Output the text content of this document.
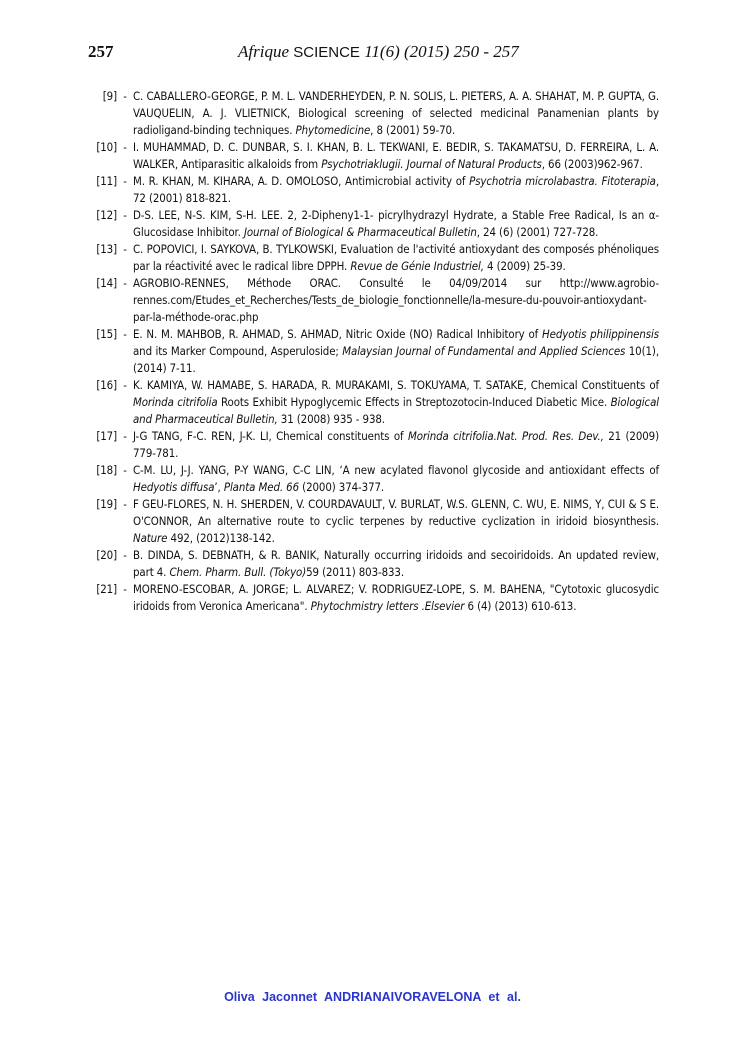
257	Afrique SCIENCE 11(6) (2015) 250 - 257
[9] - C. CABALLERO-GEORGE, P. M. L. VANDERHEYDEN, P. N. SOLIS, L. PIETERS, A. A. SHAHAT, M. P. GUPTA, G. VAUQUELIN, A. J. VLIETNICK, Biological screening of selected medicinal Panamenian plants by radioligand-binding techniques. Phytomedicine, 8 (2001) 59-70.
[10] - I. MUHAMMAD, D. C. DUNBAR, S. I. KHAN, B. L. TEKWANI, E. BEDIR, S. TAKAMATSU, D. FERREIRA, L. A. WALKER, Antiparasitic alkaloids from Psychotriaklugii. Journal of Natural Products, 66 (2003)962-967.
[11] - M. R. KHAN, M. KIHARA, A. D. OMOLOSO, Antimicrobial activity of Psychotria microlabastra. Fitoterapia, 72 (2001) 818-821.
[12] - D-S. LEE, N-S. KIM, S-H. LEE. 2, 2-Dipheny1-1- picrylhydrazyl Hydrate, a Stable Free Radical, Is an α-Glucosidase Inhibitor. Journal of Biological & Pharmaceutical Bulletin, 24 (6) (2001) 727-728.
[13] - C. POPOVICI, I. SAYKOVA, B. TYLKOWSKI, Evaluation de l'activité antioxydant des composés phénoliques par la réactivité avec le radical libre DPPH. Revue de Génie Industriel, 4 (2009) 25-39.
[14] - AGROBIO-RENNES, Méthode ORAC. Consulté le 04/09/2014 sur http://www.agrobio-rennes.com/Etudes_et_Recherches/Tests_de_biologie_fonctionnelle/la-mesure-du-pouvoir-antioxydant-par-la-méthode-orac.php
[15] - E. N. M. MAHBOB, R. AHMAD, S. AHMAD, Nitric Oxide (NO) Radical Inhibitory of Hedyotis philippinensis and its Marker Compound, Asperuloside; Malaysian Journal of Fundamental and Applied Sciences 10(1), (2014) 7-11.
[16] - K. KAMIYA, W. HAMABE, S. HARADA, R. MURAKAMI, S. TOKUYAMA, T. SATAKE, Chemical Constituents of Morinda citrifolia Roots Exhibit Hypoglycemic Effects in Streptozotocin-Induced Diabetic Mice. Biological and Pharmaceutical Bulletin, 31 (2008) 935 - 938.
[17] - J-G TANG, F-C. REN, J-K. LI, Chemical constituents of Morinda citrifolia.Nat. Prod. Res. Dev., 21 (2009) 779-781.
[18] - C-M. LU, J-J. YANG, P-Y WANG, C-C LIN, ‘A new acylated flavonol glycoside and antioxidant effects of Hedyotis diffusa’, Planta Med. 66 (2000) 374-377.
[19] - F GEU-FLORES, N. H. SHERDEN, V. COURDAVAULT, V. BURLAT, W.S. GLENN, C. WU, E. NIMS, Y, CUI & S E. O'CONNOR, An alternative route to cyclic terpenes by reductive cyclization in iridoid biosynthesis. Nature 492, (2012)138-142.
[20] - B. DINDA, S. DEBNATH, & R. BANIK, Naturally occurring iridoids and secoiridoids. An updated review, part 4. Chem. Pharm. Bull. (Tokyo)59 (2011) 803-833.
[21] - MORENO-ESCOBAR, A. JORGE; L. ALVAREZ; V. RODRIGUEZ-LOPE, S. M. BAHENA, "Cytotoxic glucosydic iridoids from Veronica Americana". Phytochmistry letters .Elsevier 6 (4) (2013) 610-613.
Oliva Jaconnet ANDRIANAIVORAVELONA et al.
